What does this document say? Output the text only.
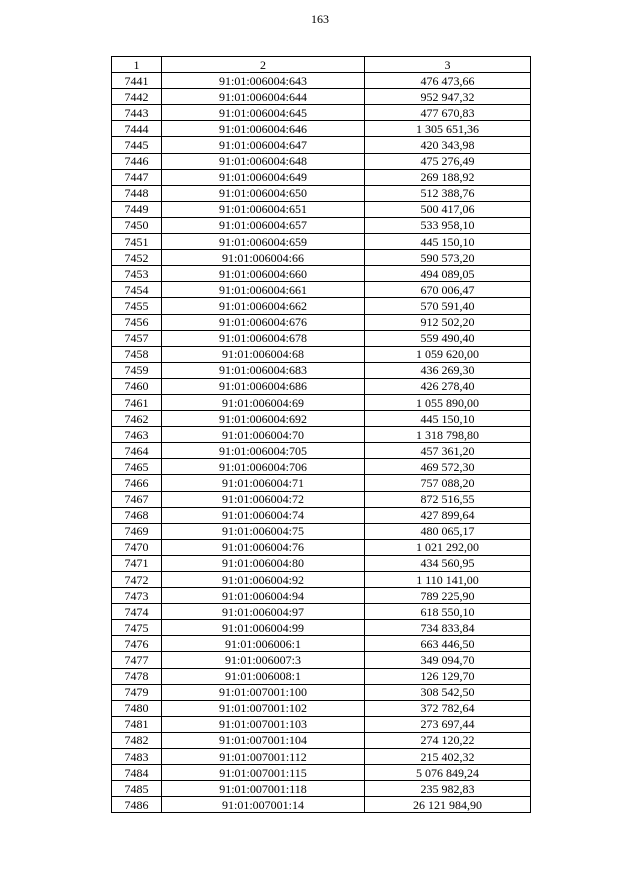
163
1	2	3
7441	91:01:006004:643	476 473,66
7442	91:01:006004:644	952 947,32
7443	91:01:006004:645	477 670,83
7444	91:01:006004:646	1 305 651,36
7445	91:01:006004:647	420 343,98
7446	91:01:006004:648	475 276,49
7447	91:01:006004:649	269 188,92
7448	91:01:006004:650	512 388,76
7449	91:01:006004:651	500 417,06
7450	91:01:006004:657	533 958,10
7451	91:01:006004:659	445 150,10
7452	91:01:006004:66	590 573,20
7453	91:01:006004:660	494 089,05
7454	91:01:006004:661	670 006,47
7455	91:01:006004:662	570 591,40
7456	91:01:006004:676	912 502,20
7457	91:01:006004:678	559 490,40
7458	91:01:006004:68	1 059 620,00
7459	91:01:006004:683	436 269,30
7460	91:01:006004:686	426 278,40
7461	91:01:006004:69	1 055 890,00
7462	91:01:006004:692	445 150,10
7463	91:01:006004:70	1 318 798,80
7464	91:01:006004:705	457 361,20
7465	91:01:006004:706	469 572,30
7466	91:01:006004:71	757 088,20
7467	91:01:006004:72	872 516,55
7468	91:01:006004:74	427 899,64
7469	91:01:006004:75	480 065,17
7470	91:01:006004:76	1 021 292,00
7471	91:01:006004:80	434 560,95
7472	91:01:006004:92	1 110 141,00
7473	91:01:006004:94	789 225,90
7474	91:01:006004:97	618 550,10
7475	91:01:006004:99	734 833,84
7476	91:01:006006:1	663 446,50
7477	91:01:006007:3	349 094,70
7478	91:01:006008:1	126 129,70
7479	91:01:007001:100	308 542,50
7480	91:01:007001:102	372 782,64
7481	91:01:007001:103	273 697,44
7482	91:01:007001:104	274 120,22
7483	91:01:007001:112	215 402,32
7484	91:01:007001:115	5 076 849,24
7485	91:01:007001:118	235 982,83
7486	91:01:007001:14	26 121 984,90
